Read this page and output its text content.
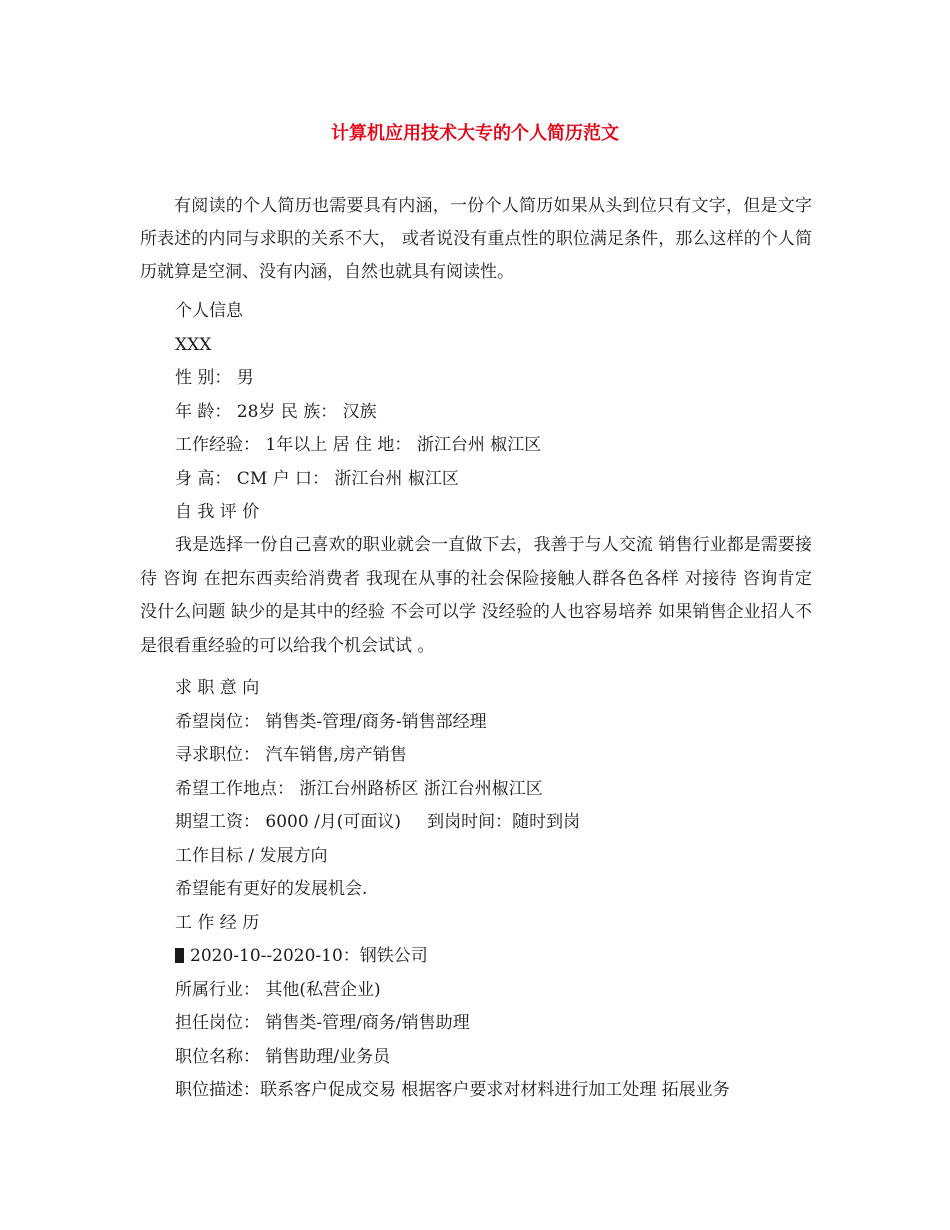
计算机应用技术大专的个人简历范文

有阅读的个人简历也需要具有内涵，一份个人简历如果从头到位只有文字，但是文字所表述的内同与求职的关系不大， 或者说没有重点性的职位满足条件，那么这样的个人简历就算是空洞、没有内涵，自然也就具有阅读性。

个人信息
XXX
性 别： 男
年 龄： 28岁 民 族： 汉族
工作经验： 1年以上 居 住 地： 浙江台州 椒江区
身 高： CM 户 口： 浙江台州 椒江区
自 我 评 价

我是选择一份自己喜欢的职业就会一直做下去，我善于与人交流 销售行业都是需要接待 咨询 在把东西卖给消费者 我现在从事的社会保险接触人群各色各样 对接待 咨询肯定没什么问题 缺少的是其中的经验 不会可以学 没经验的人也容易培养 如果销售企业招人不是很看重经验的可以给我个机会试试 。

求 职 意 向
希望岗位： 销售类-管理/商务-销售部经理
寻求职位： 汽车销售,房产销售
希望工作地点： 浙江台州路桥区 浙江台州椒江区
期望工资： 6000 /月(可面议) 到岗时间：随时到岗
工作目标 / 发展方向
希望能有更好的发展机会.
工 作 经 历
2020-10--2020-10：钢铁公司
所属行业： 其他(私营企业)
担任岗位： 销售类-管理/商务/销售助理
职位名称： 销售助理/业务员
职位描述：联系客户促成交易 根据客户要求对材料进行加工处理 拓展业务
